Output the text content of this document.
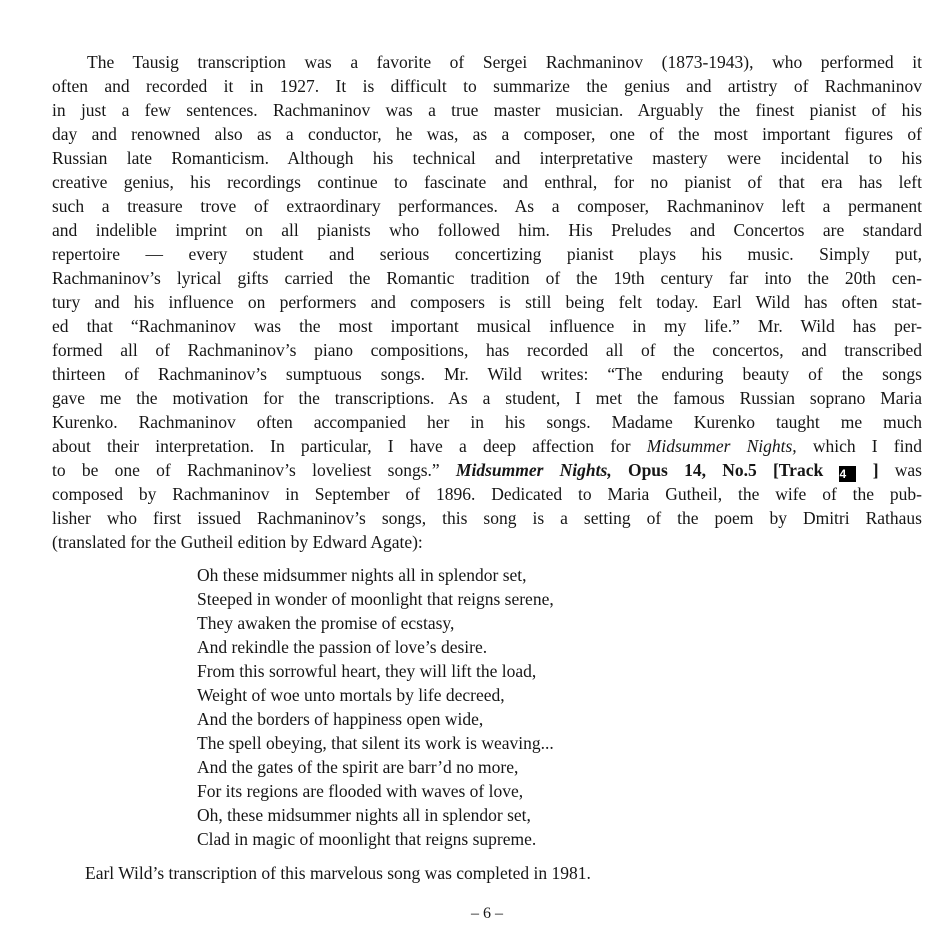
The Tausig transcription was a favorite of Sergei Rachmaninov (1873-1943), who performed it
often and recorded it in 1927. It is difficult to summarize the genius and artistry of Rachmaninov
in just a few sentences. Rachmaninov was a true master musician. Arguably the finest pianist of his
day and renowned also as a conductor, he was, as a composer, one of the most important figures of
Russian late Romanticism. Although his technical and interpretative mastery were incidental to his
creative genius, his recordings continue to fascinate and enthral, for no pianist of that era has left
such a treasure trove of extraordinary performances. As a composer, Rachmaninov left a permanent
and indelible imprint on all pianists who followed him. His Preludes and Concertos are standard
repertoire — every student and serious concertizing pianist plays his music. Simply put,
Rachmaninov’s lyrical gifts carried the Romantic tradition of the 19th century far into the 20th cen-
tury and his influence on performers and composers is still being felt today. Earl Wild has often stat-
ed that “Rachmaninov was the most important musical influence in my life.” Mr. Wild has per-
formed all of Rachmaninov’s piano compositions, has recorded all of the concertos, and transcribed
thirteen of Rachmaninov’s sumptuous songs. Mr. Wild writes: “The enduring beauty of the songs
gave me the motivation for the transcriptions. As a student, I met the famous Russian soprano Maria
Kurenko. Rachmaninov often accompanied her in his songs. Madame Kurenko taught me much
about their interpretation. In particular, I have a deep affection for Midsummer Nights, which I find
to be one of Rachmaninov’s loveliest songs.” Midsummer Nights, Opus 14, No.5 [Track 4 ] was
composed by Rachmaninov in September of 1896. Dedicated to Maria Gutheil, the wife of the pub-
lisher who first issued Rachmaninov’s songs, this song is a setting of the poem by Dmitri Rathaus
(translated for the Gutheil edition by Edward Agate):
Oh these midsummer nights all in splendor set,
Steeped in wonder of moonlight that reigns serene,
They awaken the promise of ecstasy,
And rekindle the passion of love’s desire.
From this sorrowful heart, they will lift the load,
Weight of woe unto mortals by life decreed,
And the borders of happiness open wide,
The spell obeying, that silent its work is weaving...
And the gates of the spirit are barr’d no more,
For its regions are flooded with waves of love,
Oh, these midsummer nights all in splendor set,
Clad in magic of moonlight that reigns supreme.
Earl Wild’s transcription of this marvelous song was completed in 1981.
– 6 –
